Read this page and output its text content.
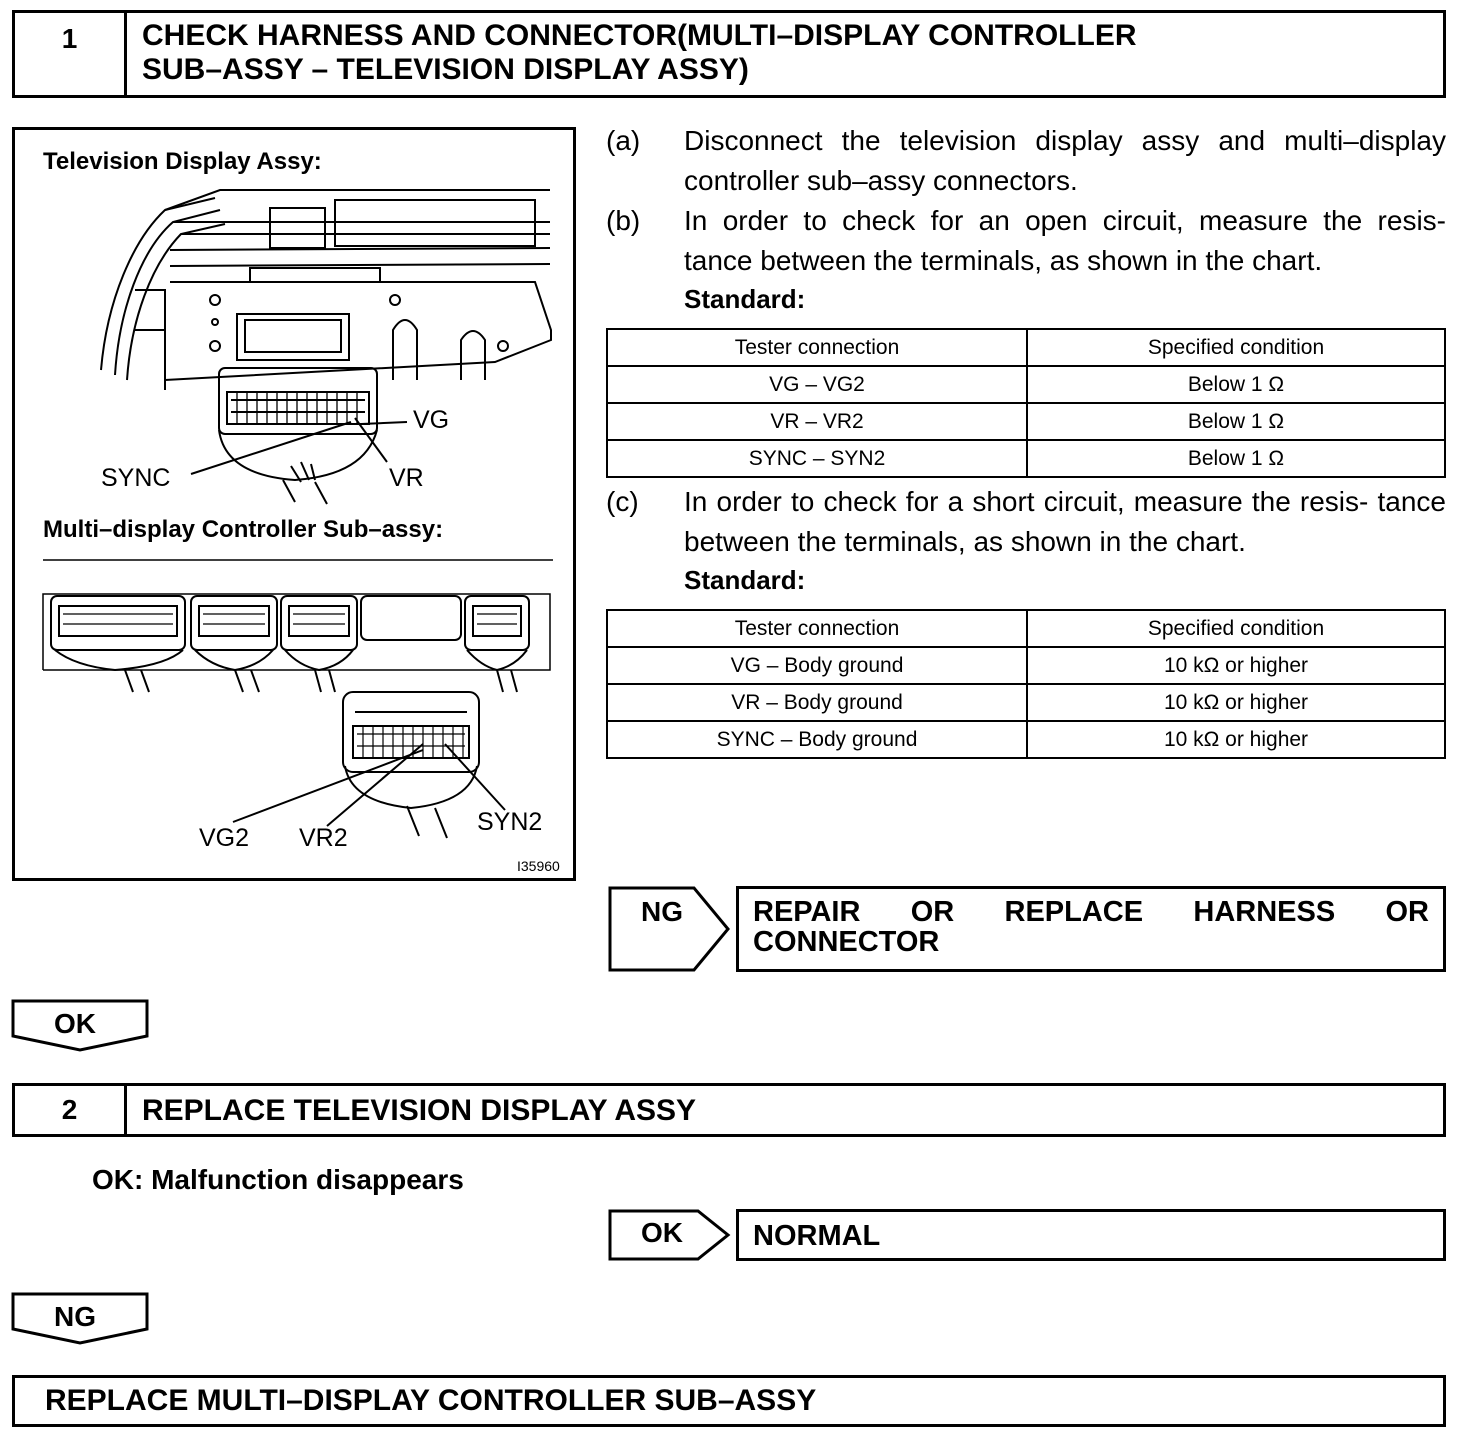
1	CHECK HARNESS AND CONNECTOR(MULTI–DISPLAY CONTROLLER
SUB–ASSY – TELEVISION DISPLAY ASSY)
Television Display Assy:
VG
SYNC	VR
Multi–display Controller Sub–assy:
SYN2
VG2 VR2
I35960
(a) Disconnect the television display assy and multi–display controller sub–assy connectors.
(b) In order to check for an open circuit, measure the resis- tance between the terminals, as shown in the chart.
Standard:
Tester connection	Specified condition
VG – VG2	Below 1 Ω
VR – VR2	Below 1 Ω
SYNC – SYN2	Below 1 Ω
(c) In order to check for a short circuit, measure the resis- tance between the terminals, as shown in the chart.
Standard:
Tester connection	Specified condition
VG – Body ground	10 kΩ or higher
VR – Body ground	10 kΩ or higher
SYNC – Body ground	10 kΩ or higher
NG REPAIR OR REPLACE HARNESS OR CONNECTOR
OK
2	REPLACE TELEVISION DISPLAY ASSY
OK: Malfunction disappears
OK	NORMAL
NG
REPLACE MULTI–DISPLAY CONTROLLER SUB–ASSY
